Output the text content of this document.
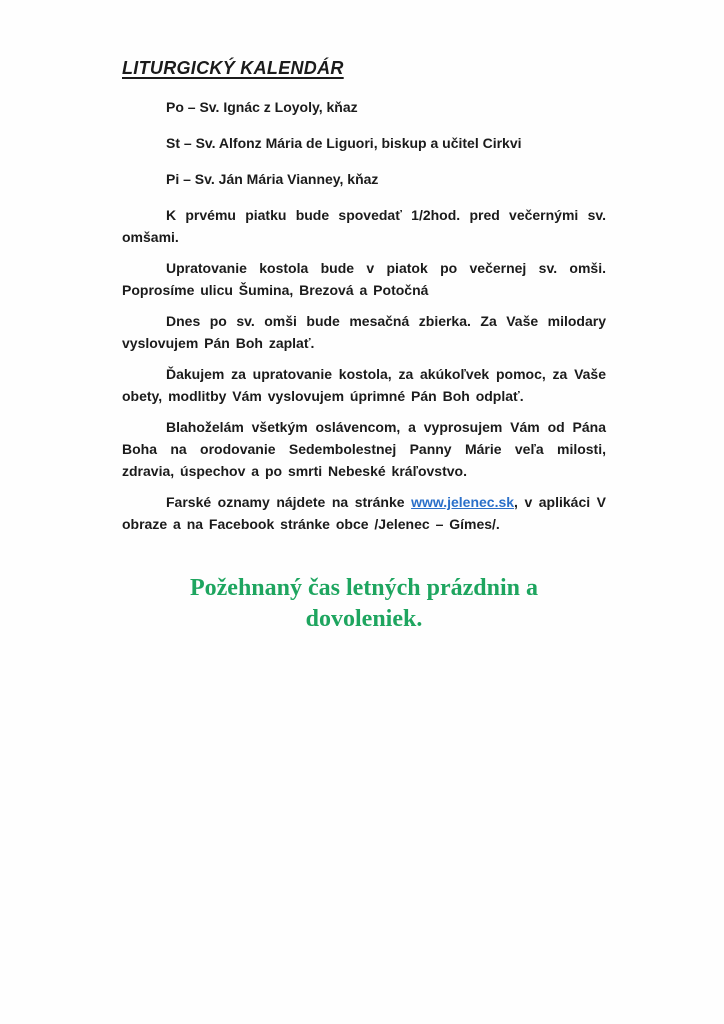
LITURGICKÝ KALENDÁR

Po – Sv. Ignác z Loyoly, kňaz

St – Sv. Alfonz Mária de Liguori, biskup a učitel Cirkvi

Pi – Sv. Ján Mária Vianney, kňaz

K prvému piatku bude spovedať 1/2hod. pred večernými sv. omšami.

Upratovanie kostola bude v piatok po večernej sv. omši. Poprosíme ulicu Šumina, Brezová a Potočná

Dnes po sv. omši bude mesačná zbierka. Za Vaše milodary vyslovujem Pán Boh zaplať.

Ďakujem za upratovanie kostola, za akúkoľvek pomoc, za Vaše obety, modlitby Vám vyslovujem úprimné Pán Boh odplať.

Blahoželám všetkým oslávencom, a vyprosujem Vám od Pána Boha na orodovanie Sedembolestnej Panny Márie veľa milosti, zdravia, úspechov a po smrti Nebeské kráľovstvo.

Farské oznamy nájdete na stránke www.jelenec.sk, v aplikáci V obraze a na Facebook stránke obce /Jelenec – Gímes/.

Požehnaný čas letných prázdnin a dovoleniek.
